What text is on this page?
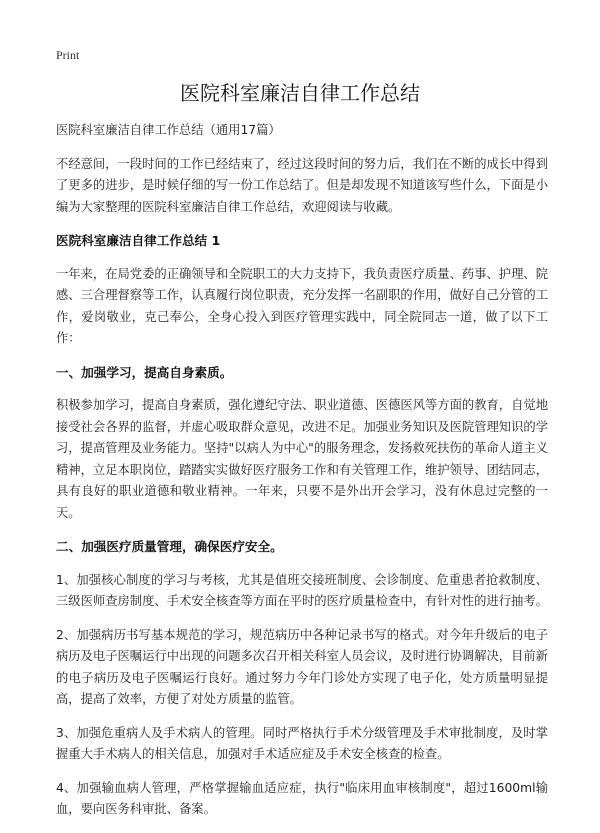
Print
医院科室廉洁自律工作总结

医院科室廉洁自律工作总结（通用17篇）

不经意间，一段时间的工作已经结束了，经过这段时间的努力后，我们在不断的成长中得到了更多的进步，是时候仔细的写一份工作总结了。但是却发现不知道该写些什么，下面是小编为大家整理的医院科室廉洁自律工作总结，欢迎阅读与收藏。

医院科室廉洁自律工作总结 1

一年来，在局党委的正确领导和全院职工的大力支持下，我负责医疗质量、药事、护理、院感、三合理督察等工作，认真履行岗位职责，充分发挥一名副职的作用，做好自己分管的工作，爱岗敬业，克己奉公，全身心投入到医疗管理实践中，同全院同志一道，做了以下工作：

一、加强学习，提高自身素质。

积极参加学习，提高自身素质，强化遵纪守法、职业道德、医德医风等方面的教育，自觉地接受社会各界的监督，并虚心吸取群众意见，改进不足。加强业务知识及医院管理知识的学习，提高管理及业务能力。坚持"以病人为中心"的服务理念，发扬救死扶伤的革命人道主义精神，立足本职岗位，踏踏实实做好医疗服务工作和有关管理工作，维护领导、团结同志，具有良好的职业道德和敬业精神。一年来，只要不是外出开会学习，没有休息过完整的一天。

二、加强医疗质量管理，确保医疗安全。

1、加强核心制度的学习与考核，尤其是值班交接班制度、会诊制度、危重患者抢救制度、三级医师查房制度、手术安全核查等方面在平时的医疗质量检查中，有针对性的进行抽考。

2、加强病历书写基本规范的学习，规范病历中各种记录书写的格式。对今年升级后的电子病历及电子医嘱运行中出现的问题多次召开相关科室人员会议，及时进行协调解决，目前新的电子病历及电子医嘱运行良好。通过努力今年门诊处方实现了电子化，处方质量明显提高，提高了效率，方便了对处方质量的监管。

3、加强危重病人及手术病人的管理。同时严格执行手术分级管理及手术审批制度，及时掌握重大手术病人的相关信息，加强对手术适应症及手术安全核查的检查。

4、加强输血病人管理，严格掌握输血适应症，执行"临床用血审核制度"，超过1600ml输血，要向医务科审批、备案。
